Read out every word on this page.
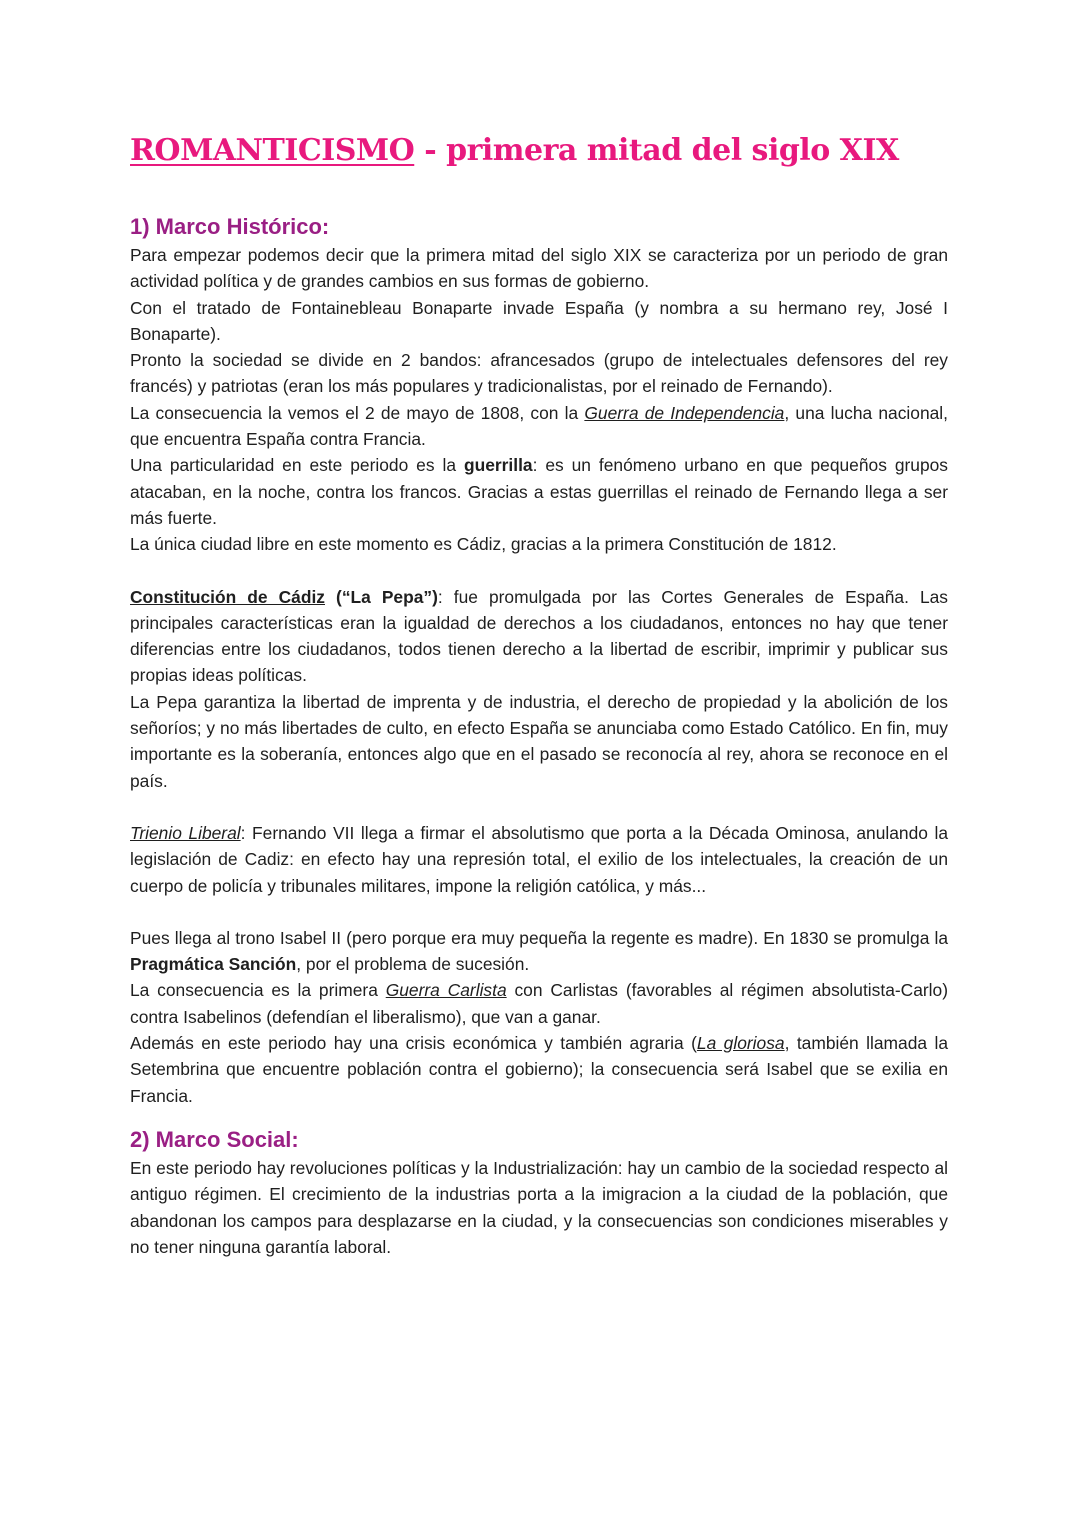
ROMANTICISMO - primera mitad del siglo XIX
1) Marco Histórico:

Para empezar podemos decir que la primera mitad del siglo XIX se caracteriza por un periodo de gran actividad política y de grandes cambios en sus formas de gobierno.

Con el tratado de Fontainebleau Bonaparte invade España (y nombra a su hermano rey, José I Bonaparte).

Pronto la sociedad se divide en 2 bandos: afrancesados (grupo de intelectuales defensores del rey francés) y patriotas (eran los más populares y tradicionalistas, por el reinado de Fernando).

La consecuencia la vemos el 2 de mayo de 1808, con la Guerra de Independencia, una lucha nacional, que encuentra España contra Francia.

Una particularidad en este periodo es la guerrilla: es un fenómeno urbano en que pequeños grupos atacaban, en la noche, contra los francos. Gracias a estas guerrillas el reinado de Fernando llega a ser más fuerte.

La única ciudad libre en este momento es Cádiz, gracias a la primera Constitución de 1812.

Constitución de Cádiz (“La Pepa”): fue promulgada por las Cortes Generales de España. Las principales características eran la igualdad de derechos a los ciudadanos, entonces no hay que tener diferencias entre los ciudadanos, todos tienen derecho a la libertad de escribir, imprimir y publicar sus propias ideas políticas.

La Pepa garantiza la libertad de imprenta y de industria, el derecho de propiedad y la abolición de los señoríos; y no más libertades de culto, en efecto España se anunciaba como Estado Católico. En fin, muy importante es la soberanía, entonces algo que en el pasado se reconocía al rey, ahora se reconoce en el país.

Trienio Liberal: Fernando VII llega a firmar el absolutismo que porta a la Década Ominosa, anulando la legislación de Cadiz: en efecto hay una represión total, el exilio de los intelectuales, la creación de un cuerpo de policía y tribunales militares, impone la religión católica, y más...

Pues llega al trono Isabel II (pero porque era muy pequeña la regente es madre). En 1830 se promulga la Pragmática Sanción, por el problema de sucesión.

La consecuencia es la primera Guerra Carlista con Carlistas (favorables al régimen absolutista-Carlo) contra Isabelinos (defendían el liberalismo), que van a ganar.

Además en este periodo hay una crisis económica y también agraria (La gloriosa, también llamada la Setembrina que encuentre población contra el gobierno); la consecuencia será Isabel que se exilia en Francia.

2) Marco Social:

En este periodo hay revoluciones políticas y la Industrialización: hay un cambio de la sociedad respecto al antiguo régimen. El crecimiento de la industrias porta a la imigracion a la ciudad de la población, que abandonan los campos para desplazarse en la ciudad, y la consecuencias son condiciones miserables y no tener ninguna garantía laboral.
